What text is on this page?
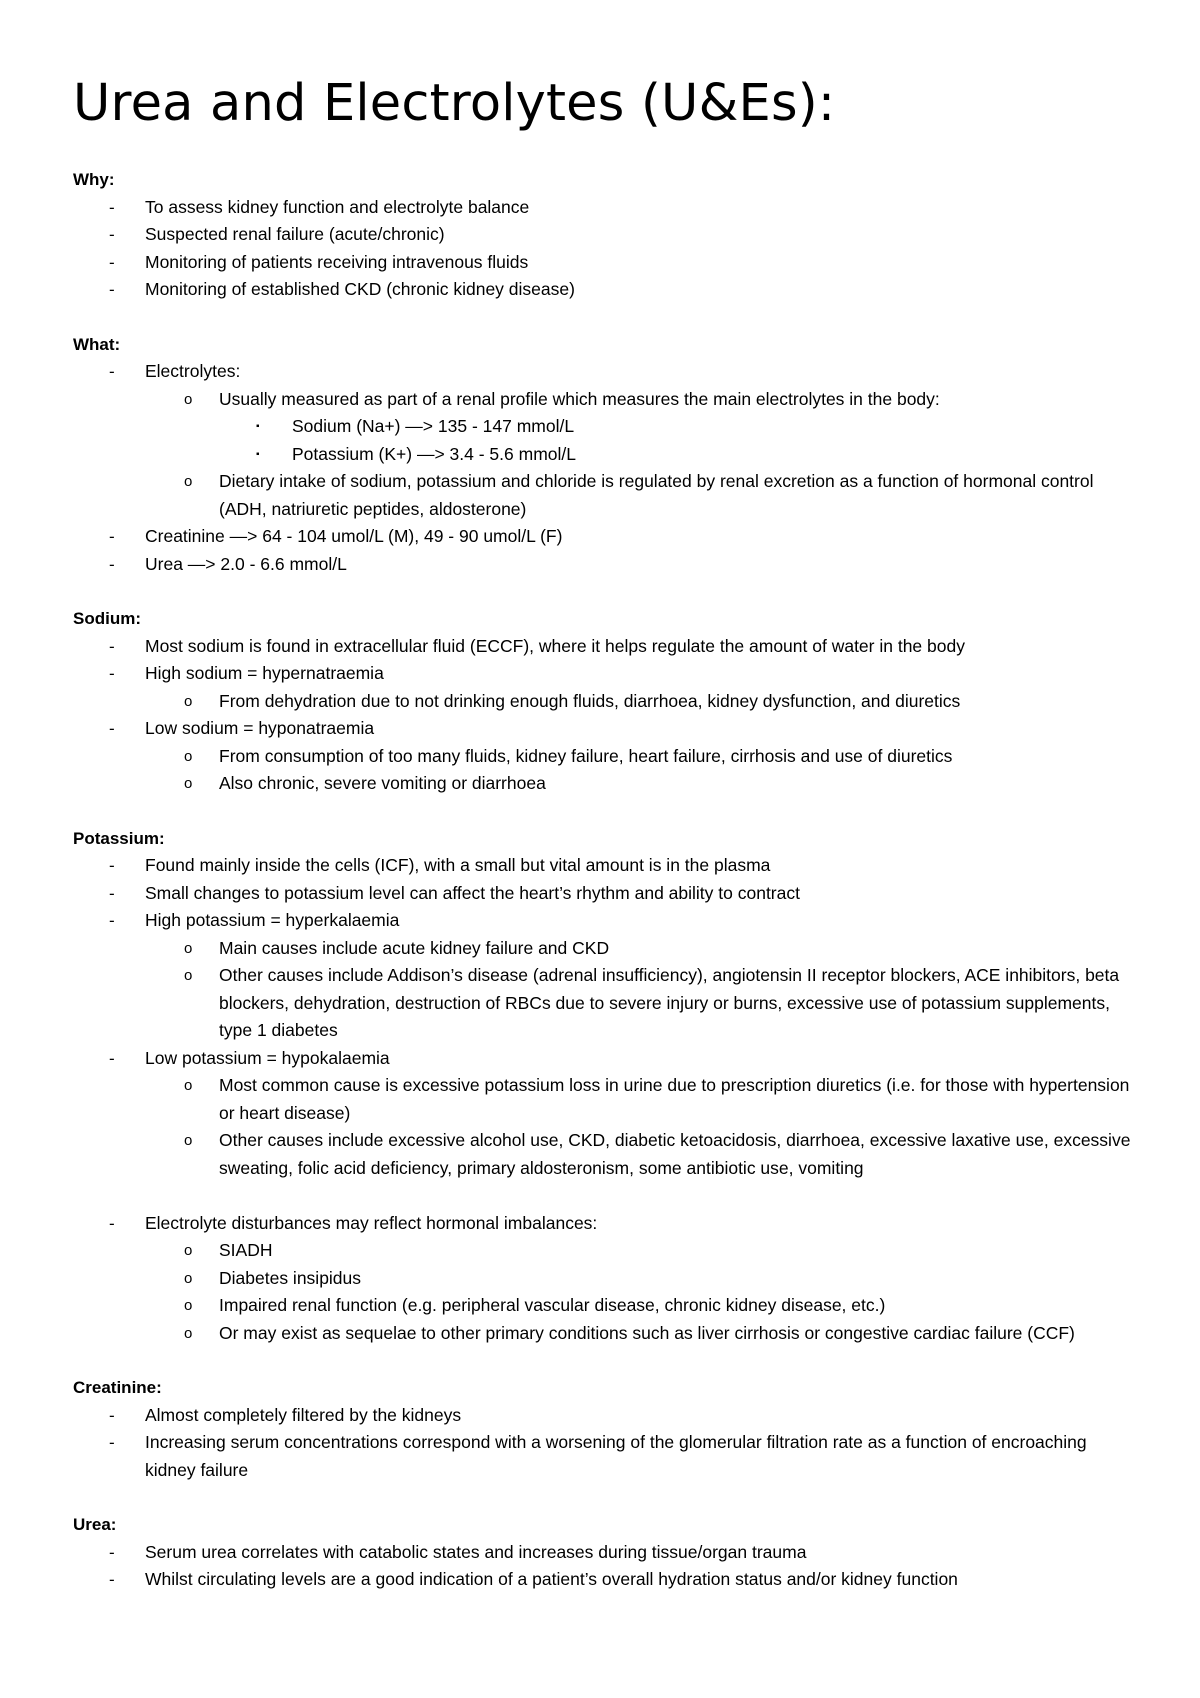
Urea and Electrolytes (U&Es):
Why:
- To assess kidney function and electrolyte balance
- Suspected renal failure (acute/chronic)
- Monitoring of patients receiving intravenous fluids
- Monitoring of established CKD (chronic kidney disease)
What:
- Electrolytes:
o Usually measured as part of a renal profile which measures the main electrolytes in the body:
▪ Sodium (Na+) —> 135 - 147 mmol/L
▪ Potassium (K+) —> 3.4 - 5.6 mmol/L
o Dietary intake of sodium, potassium and chloride is regulated by renal excretion as a function of hormonal control (ADH, natriuretic peptides, aldosterone)
- Creatinine —> 64 - 104 umol/L (M), 49 - 90 umol/L (F)
- Urea —> 2.0 - 6.6 mmol/L
Sodium:
- Most sodium is found in extracellular fluid (ECCF), where it helps regulate the amount of water in the body
- High sodium = hypernatraemia
o From dehydration due to not drinking enough fluids, diarrhoea, kidney dysfunction, and diuretics
- Low sodium = hyponatraemia
o From consumption of too many fluids, kidney failure, heart failure, cirrhosis and use of diuretics
o Also chronic, severe vomiting or diarrhoea
Potassium:
- Found mainly inside the cells (ICF), with a small but vital amount is in the plasma
- Small changes to potassium level can affect the heart’s rhythm and ability to contract
- High potassium = hyperkalaemia
o Main causes include acute kidney failure and CKD
o Other causes include Addison’s disease (adrenal insufficiency), angiotensin II receptor blockers, ACE inhibitors, beta blockers, dehydration, destruction of RBCs due to severe injury or burns, excessive use of potassium supplements, type 1 diabetes
- Low potassium = hypokalaemia
o Most common cause is excessive potassium loss in urine due to prescription diuretics (i.e. for those with hypertension or heart disease)
o Other causes include excessive alcohol use, CKD, diabetic ketoacidosis, diarrhoea, excessive laxative use, excessive sweating, folic acid deficiency, primary aldosteronism, some antibiotic use, vomiting
- Electrolyte disturbances may reflect hormonal imbalances:
o SIADH
o Diabetes insipidus
o Impaired renal function (e.g. peripheral vascular disease, chronic kidney disease, etc.)
o Or may exist as sequelae to other primary conditions such as liver cirrhosis or congestive cardiac failure (CCF)
Creatinine:
- Almost completely filtered by the kidneys
- Increasing serum concentrations correspond with a worsening of the glomerular filtration rate as a function of encroaching kidney failure
Urea:
- Serum urea correlates with catabolic states and increases during tissue/organ trauma
- Whilst circulating levels are a good indication of a patient’s overall hydration status and/or kidney function
